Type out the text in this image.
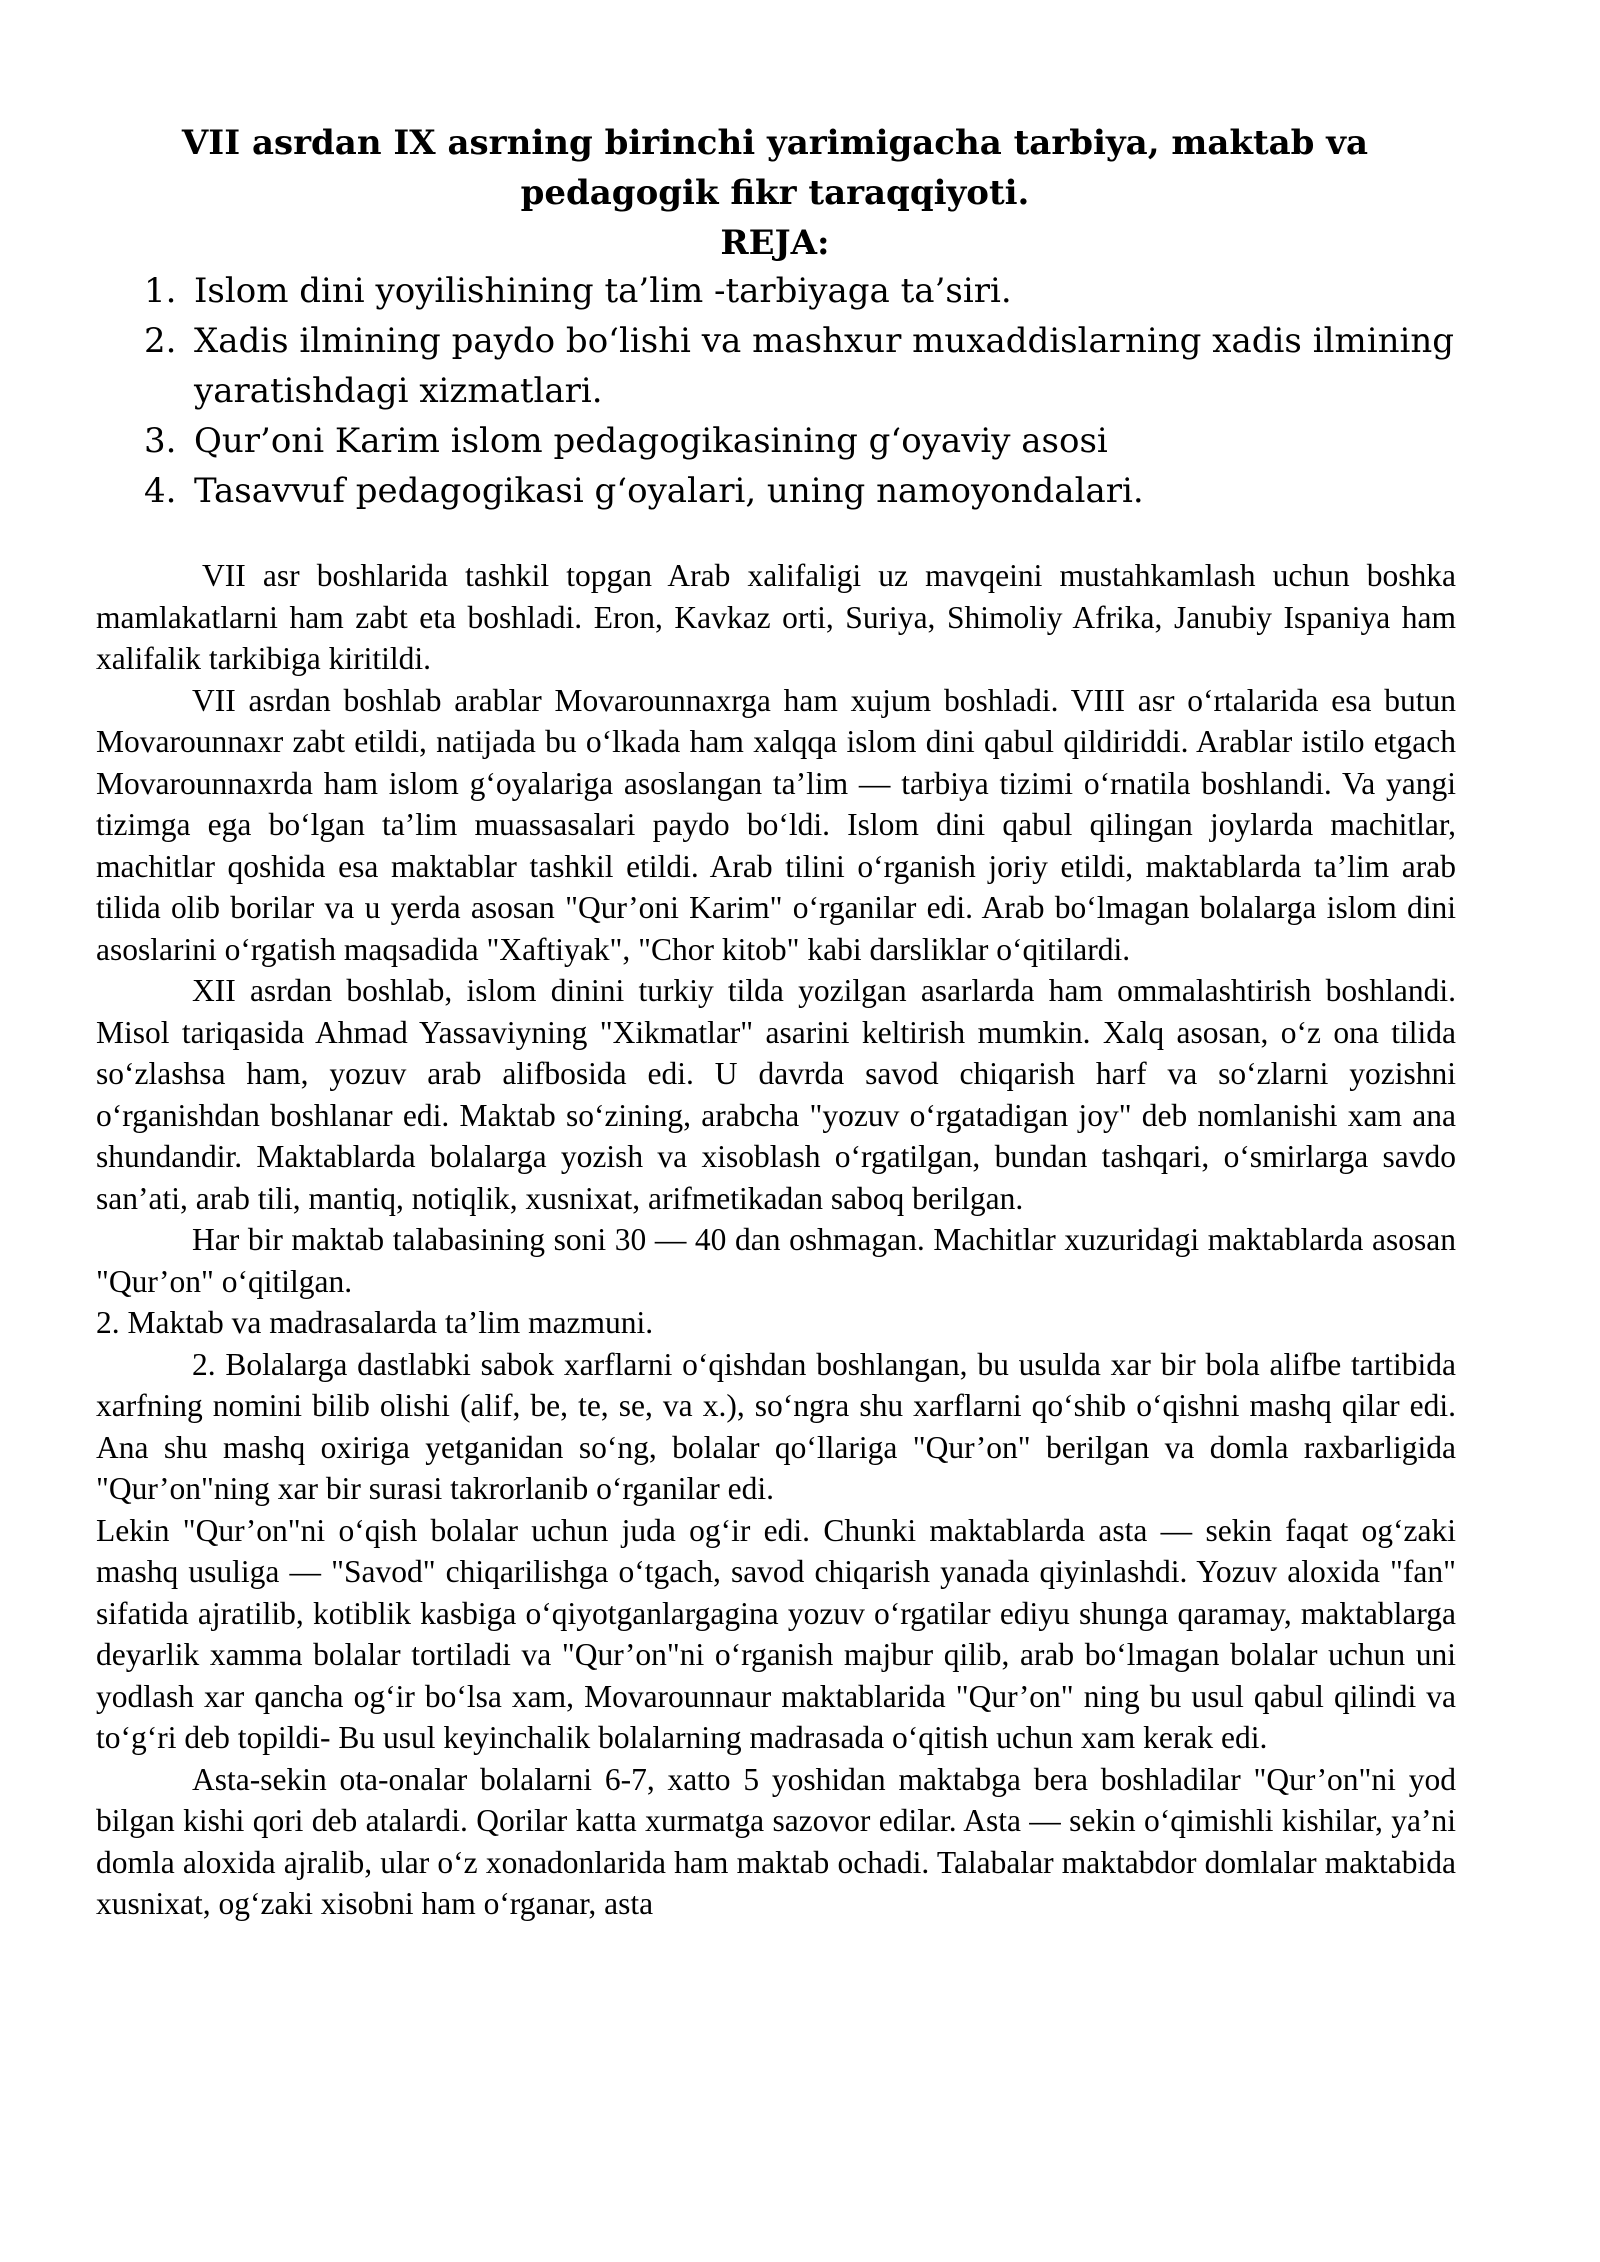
VII asrdan IX asrning birinchi yarimigacha tarbiya, maktab va pedagogik fikr taraqqiyoti.
REJA:
1. Islom dini yoyilishining ta’lim -tarbiyaga ta’siri.
2. Xadis ilmining paydo bo‘lishi va mashxur muxaddislarning xadis ilmining yaratishdagi xizmatlari.
3. Qur’oni Karim islom pedagogikasining g‘oyaviy asosi
4. Tasavvuf pedagogikasi g‘oyalari, uning namoyondalari.

VII asr boshlarida tashkil topgan Arab xalifaligi uz mavqeini mustahkamlash uchun boshka mamlakatlarni ham zabt eta boshladi. Eron, Kavkaz orti, Suriya, Shimoliy Afrika, Janubiy Ispaniya ham xalifalik tarkibiga kiritildi.

VII asrdan boshlab arablar Movarounnaxrga ham xujum boshladi. VIII asr o‘rtalarida esa butun Movarounnaxr zabt etildi, natijada bu o‘lkada ham xalqqa islom dini qabul qildiriddi. Arablar istilo etgach Movarounnaxrda ham islom g‘oyalariga asoslangan ta’lim — tarbiya tizimi o‘rnatila boshlandi. Va yangi tizimga ega bo‘lgan ta’lim muassasalari paydo bo‘ldi. Islom dini qabul qilingan joylarda machitlar, machitlar qoshida esa maktablar tashkil etildi. Arab tilini o‘rganish joriy etildi, maktablarda ta’lim arab tilida olib borilar va u yerda asosan "Qur’oni Karim" o‘rganilar edi. Arab bo‘lmagan bolalarga islom dini asoslarini o‘rgatish maqsadida "Xaftiyak", "Chor kitob" kabi darsliklar o‘qitilardi.

XII asrdan boshlab, islom dinini turkiy tilda yozilgan asarlarda ham ommalashtirish boshlandi. Misol tariqasida Ahmad Yassaviyning "Xikmatlar" asarini keltirish mumkin. Xalq asosan, o‘z ona tilida so‘zlashsa ham, yozuv arab alifbosida edi. U davrda savod chiqarish harf va so‘zlarni yozishni o‘rganishdan boshlanar edi. Maktab so‘zining, arabcha "yozuv o‘rgatadigan joy" deb nomlanishi xam ana shundandir. Maktablarda bolalarga yozish va xisoblash o‘rgatilgan, bundan tashqari, o‘smirlarga savdo san’ati, arab tili, mantiq, notiqlik, xusnixat, arifmetikadan saboq berilgan.

Har bir maktab talabasining soni 30 — 40 dan oshmagan. Machitlar xuzuridagi maktablarda asosan "Qur’on" o‘qitilgan.

2. Maktab va madrasalarda ta’lim mazmuni.

2. Bolalarga dastlabki sabok xarflarni o‘qishdan boshlangan, bu usulda xar bir bola alifbe tartibida xarfning nomini bilib olishi (alif, be, te, se, va x.), so‘ngra shu xarflarni qo‘shib o‘qishni mashq qilar edi. Ana shu mashq oxiriga yetganidan so‘ng, bolalar qo‘llariga "Qur’on" berilgan va domla raxbarligida "Qur’on"ning xar bir surasi takrorlanib o‘rganilar edi.

Lekin "Qur’on"ni o‘qish bolalar uchun juda og‘ir edi. Chunki maktablarda asta — sekin faqat og‘zaki mashq usuliga — "Savod" chiqarilishga o‘tgach, savod chiqarish yanada qiyinlashdi. Yozuv aloxida "fan" sifatida ajratilib, kotiblik kasbiga o‘qiyotganlargagina yozuv o‘rgatilar ediyu shunga qaramay, maktablarga deyarlik xamma bolalar tortiladi va "Qur’on"ni o‘rganish majbur qilib, arab bo‘lmagan bolalar uchun uni yodlash xar qancha og‘ir bo‘lsa xam, Movarounnaur maktablarida "Qur’on" ning bu usul qabul qilindi va to‘g‘ri deb topildi- Bu usul keyinchalik bolalarning madrasada o‘qitish uchun xam kerak edi.

Asta-sekin ota-onalar bolalarni 6-7, xatto 5 yoshidan maktabga bera boshladilar "Qur’on"ni yod bilgan kishi qori deb atalardi. Qorilar katta xurmatga sazovor edilar. Asta — sekin o‘qimishli kishilar, ya’ni domla aloxida ajralib, ular o‘z xonadonlarida ham maktab ochadi. Talabalar maktabdor domlalar maktabida xusnixat, og‘zaki xisobni ham o‘rganar, asta
